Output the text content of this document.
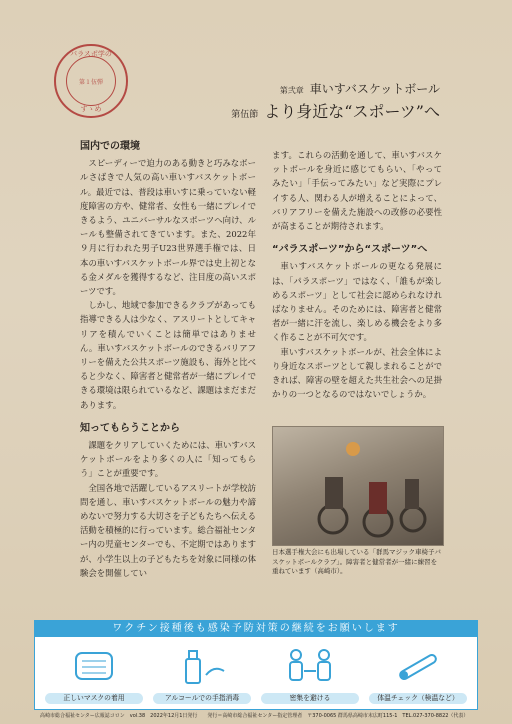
パラスポ学の
第１伍弾
すゝめ
第弐章 車いすバスケットボール
第伍節 より身近な“スポーツ”へ
国内での環境

スピーディーで迫力のある動きと巧みなボールさばきで人気の高い車いすバスケットボール。最近では、普段は車いすに乗っていない軽度障害の方や、健常者、女性も一緒にプレイできるよう、ユニバーサルなスポーツへ向け、ルールも整備されてきています。また、2022年９月に行われた男子U23世界選手権では、日本の車いすバスケットボール界では史上初となる金メダルを獲得するなど、注目度の高いスポーツです。

しかし、地域で参加できるクラブがあっても指導できる人は少なく、アスリートとしてキャリアを積んでいくことは簡単ではありません。車いすバスケットボールのできるバリアフリーを備えた公共スポーツ施設も、海外と比べると少なく、障害者と健常者が一緒にプレイできる環境は限られているなど、課題はまだまだあります。

知ってもらうことから

課題をクリアしていくためには、車いすバスケットボールをより多くの人に「知ってもらう」ことが重要です。

全国各地で活躍しているアスリートが学校訪問を通し、車いすバスケットボールの魅力や諦めないで努力する大切さを子どもたちへ伝える活動を積極的に行っています。総合福祉センター内の児童センターでも、不定期ではありますが、小学生以上の子どもたちを対象に同様の体験会を開催してい

ます。これらの活動を通して、車いすバスケットボールを身近に感じてもらい、「やってみたい」「手伝ってみたい」など実際にプレイする人、関わる人が増えることによって、バリアフリーを備えた施設への改修の必要性が高まることが期待されます。

“パラスポーツ”から“スポーツ”へ

車いすバスケットボールの更なる発展には、「パラスポーツ」ではなく、「誰もが楽しめるスポーツ」として社会に認められなければなりません。そのためには、障害者と健常者が一緒に汗を流し、楽しめる機会をより多く作ることが不可欠です。

車いすバスケットボールが、社会全体により身近なスポーツとして親しまれることができれば、障害の壁を超えた共生社会への足掛かりの一つとなるのではないでしょうか。

日本選手権大会にも出場している「群馬マジック車椅子バスケットボールクラブ」。障害者と健常者が一緒に練習を重ねています（高崎市）。
ワクチン接種後も感染予防対策の継続をお願いします
正しいマスクの着用	アルコールでの手指消毒	密集を避ける	体温チェック（検温など）
高崎市総合福祉センター広報誌コロン　vol.38　2022年12月1日発行　　発行＝高崎市総合福祉センター指定管理者　〒370-0065 群馬県高崎市末広町115-1　TEL.027-370-8822（代表）
